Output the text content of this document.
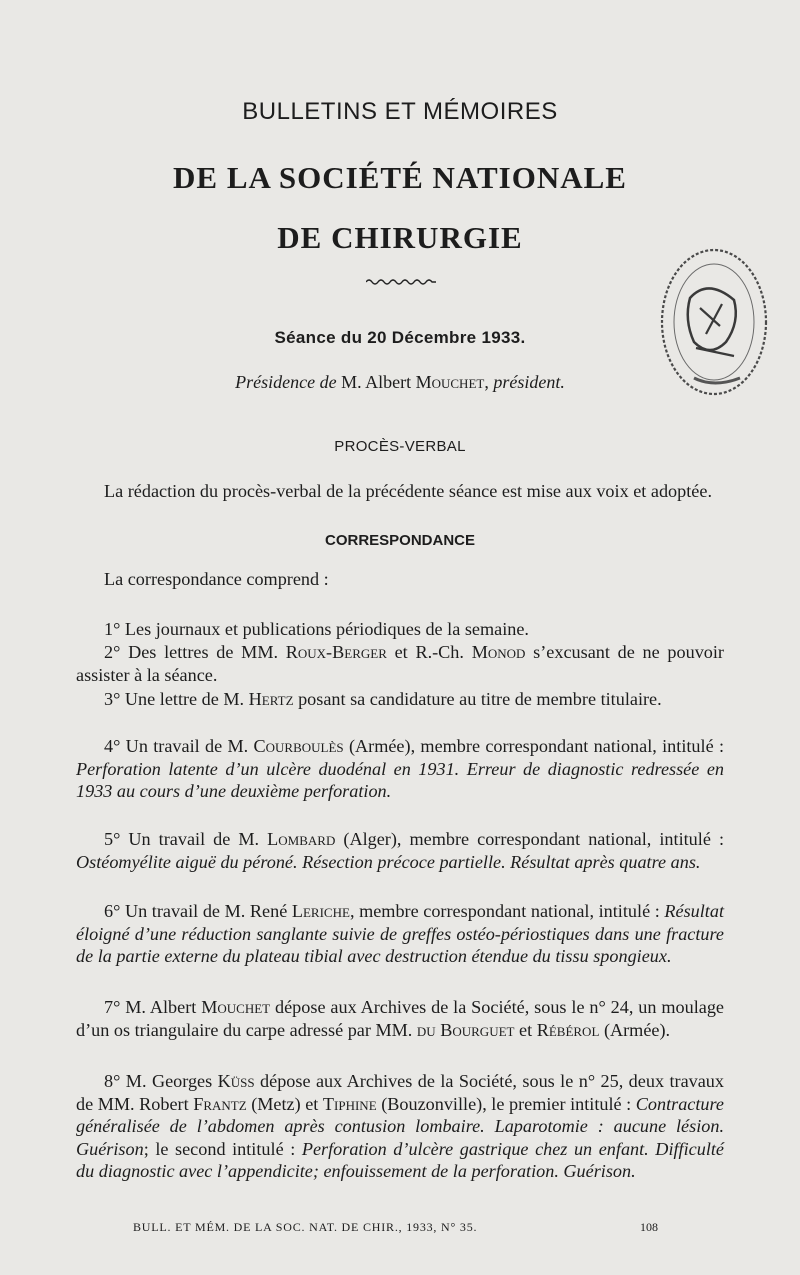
BULLETINS ET MÉMOIRES
DE LA SOCIÉTÉ NATIONALE
DE CHIRURGIE
Séance du 20 Décembre 1933.
Présidence de M. Albert Mouchet, président.
PROCÈS-VERBAL
La rédaction du procès-verbal de la précédente séance est mise aux voix et adoptée.
CORRESPONDANCE
La correspondance comprend :
1° Les journaux et publications périodiques de la semaine.
2° Des lettres de MM. Roux-Berger et R.-Ch. Monod s’excusant de ne pouvoir assister à la séance.
3° Une lettre de M. Hertz posant sa candidature au titre de membre titulaire.
4° Un travail de M. Courboulès (Armée), membre correspondant national, intitulé : Perforation latente d’un ulcère duodénal en 1931. Erreur de diagnostic redressée en 1933 au cours d’une deuxième perforation.
5° Un travail de M. Lombard (Alger), membre correspondant national, intitulé : Ostéomyélite aiguë du péroné. Résection précoce partielle. Résultat après quatre ans.
6° Un travail de M. René Leriche, membre correspondant national, intitulé : Résultat éloigné d’une réduction sanglante suivie de greffes ostéo-périostiques dans une fracture de la partie externe du plateau tibial avec destruction étendue du tissu spongieux.
7° M. Albert Mouchet dépose aux Archives de la Société, sous le n° 24, un moulage d’un os triangulaire du carpe adressé par MM. du Bourguet et Rébérol (Armée).
8° M. Georges Küss dépose aux Archives de la Société, sous le n° 25, deux travaux de MM. Robert Frantz (Metz) et Tiphine (Bouzonville), le premier intitulé : Contracture généralisée de l’abdomen après contusion lombaire. Laparotomie : aucune lésion. Guérison; le second intitulé : Perforation d’ulcère gastrique chez un enfant. Difficulté du diagnostic avec l’appendicite; enfouissement de la perforation. Guérison.
BULL. ET MÉM. DE LA SOC. NAT. DE CHIR., 1933, N° 35.	108
